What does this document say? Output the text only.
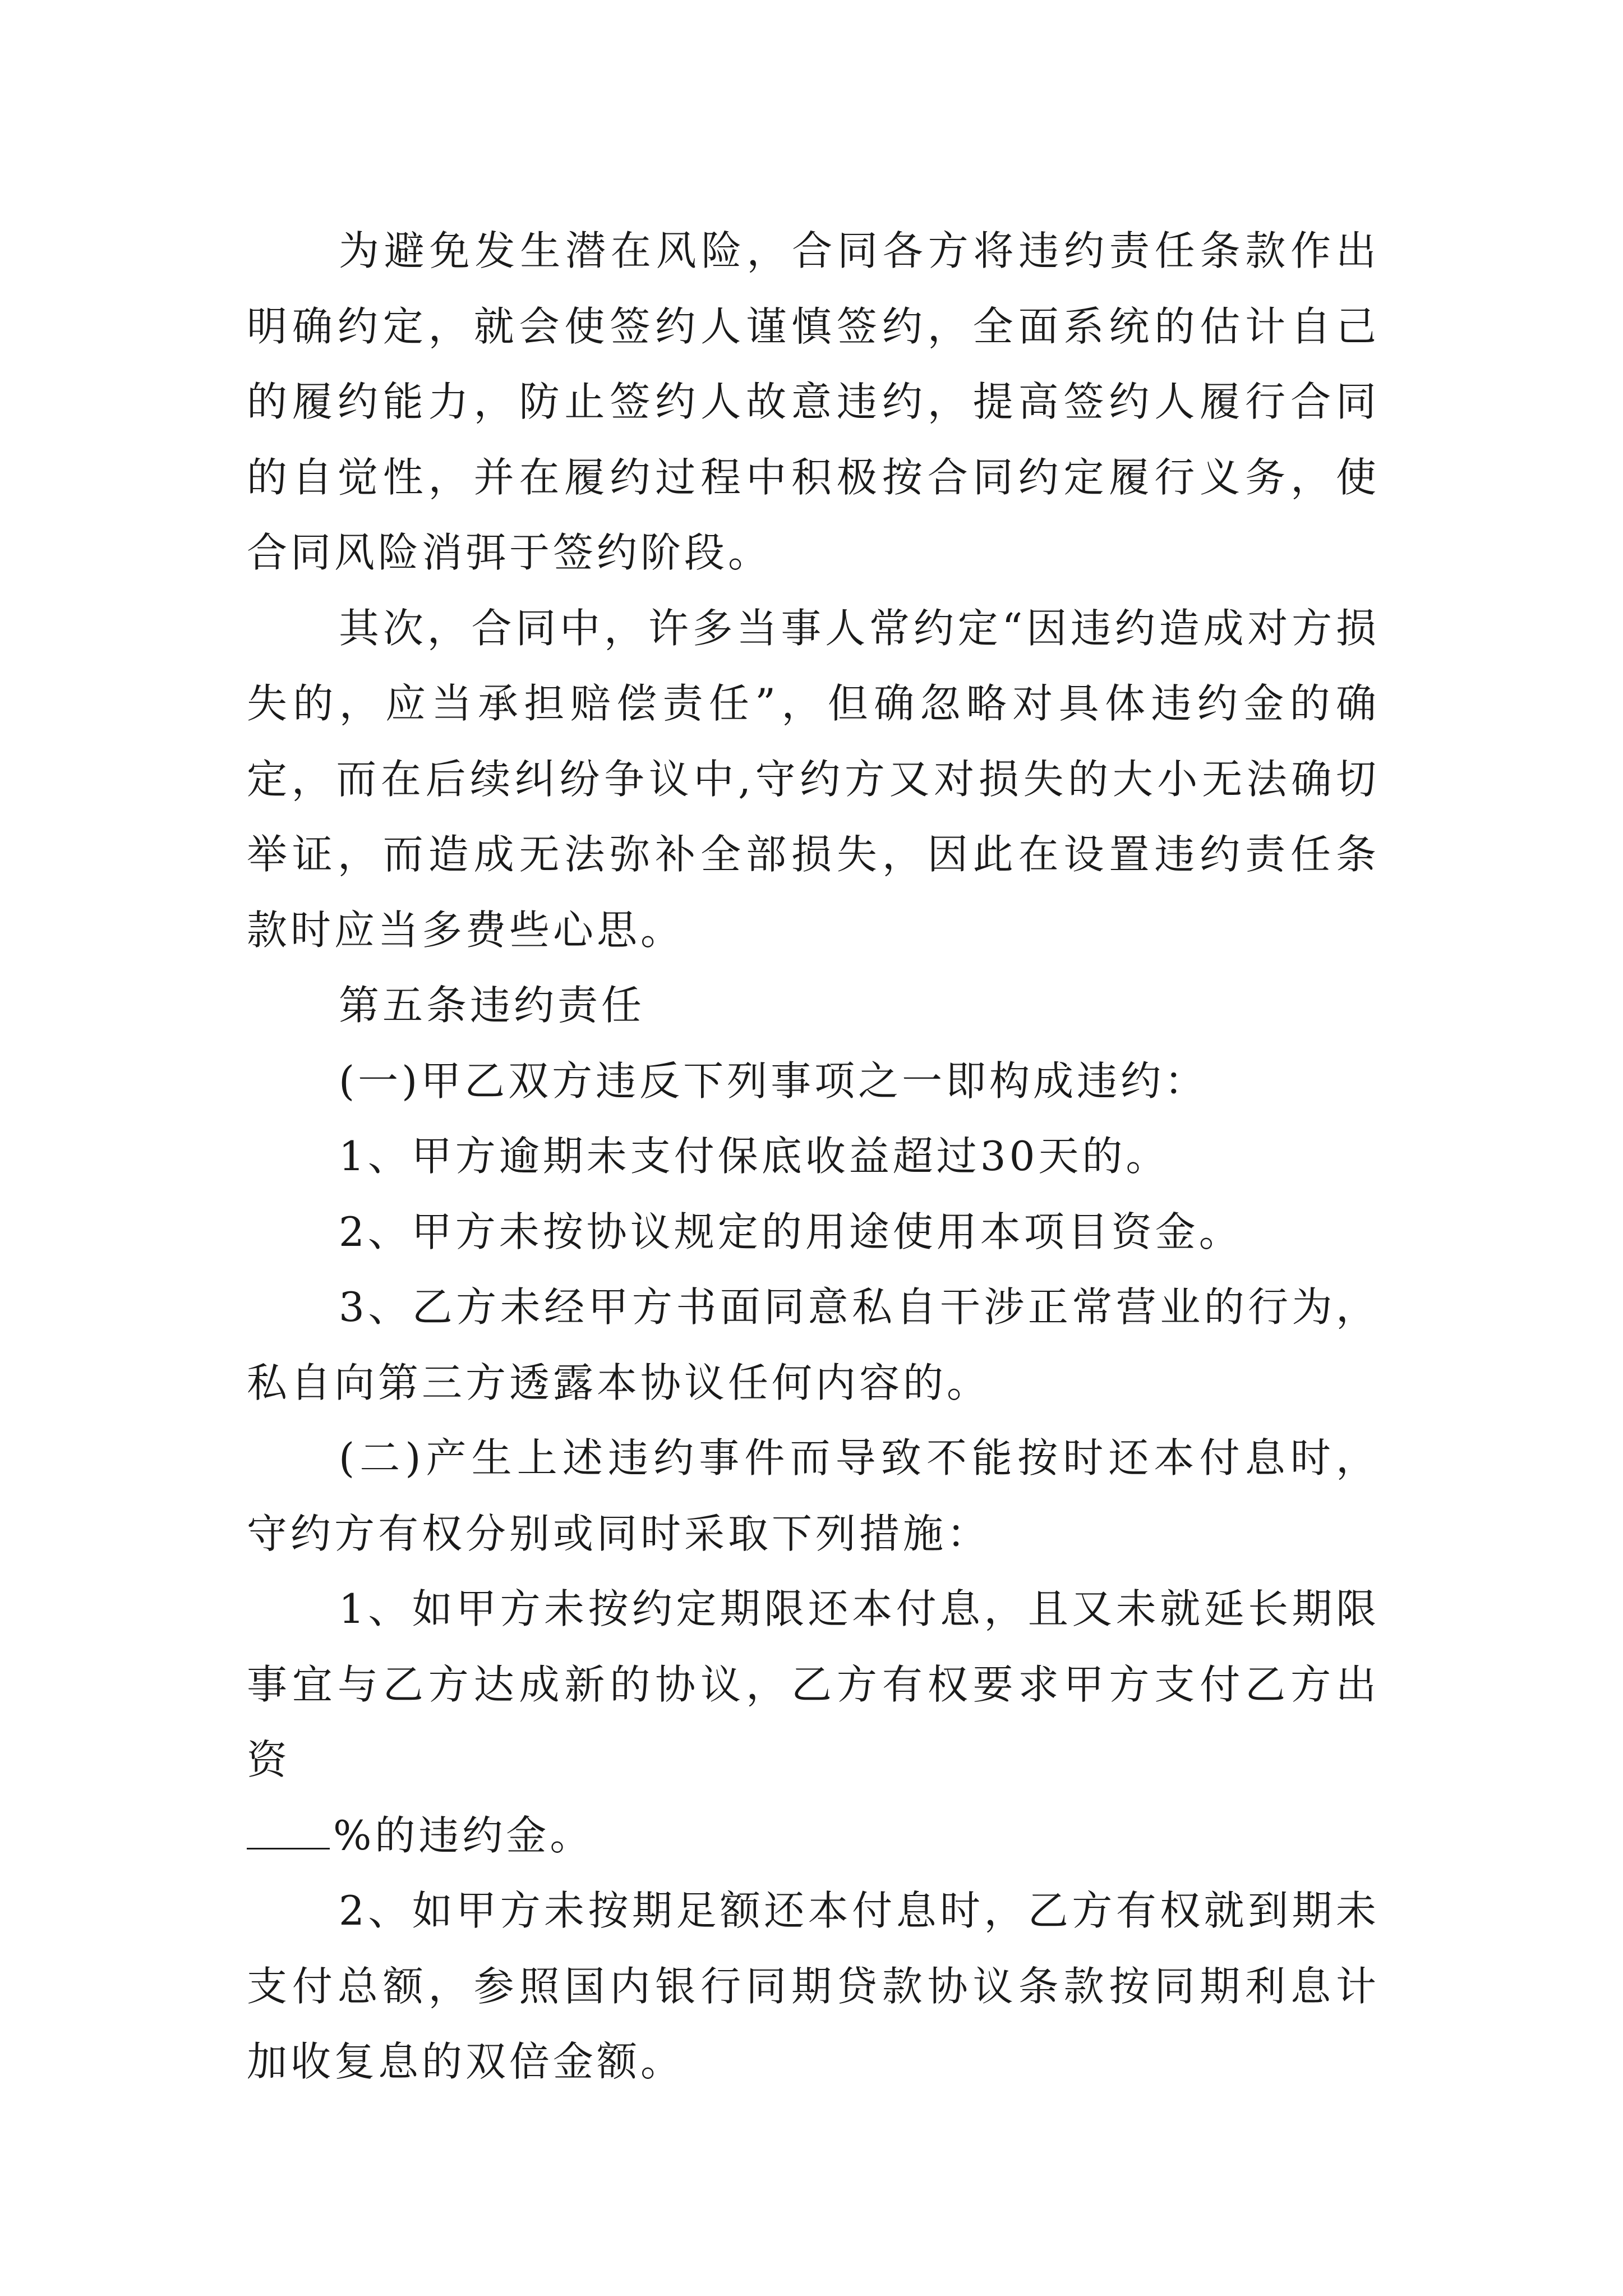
为避免发生潜在风险，合同各方将违约责任条款作出明确约定，就会使签约人谨慎签约，全面系统的估计自己的履约能力，防止签约人故意违约，提高签约人履行合同的自觉性，并在履约过程中积极按合同约定履行义务，使合同风险消弭于签约阶段。

其次，合同中，许多当事人常约定“因违约造成对方损失的，应当承担赔偿责任”，但确忽略对具体违约金的确定，而在后续纠纷争议中,守约方又对损失的大小无法确切举证，而造成无法弥补全部损失，因此在设置违约责任条款时应当多费些心思。

第五条违约责任

(一)甲乙双方违反下列事项之一即构成违约：

1、甲方逾期未支付保底收益超过30天的。

2、甲方未按协议规定的用途使用本项目资金。

3、乙方未经甲方书面同意私自干涉正常营业的行为，私自向第三方透露本协议任何内容的。

(二)产生上述违约事件而导致不能按时还本付息时，守约方有权分别或同时采取下列措施：

1、如甲方未按约定期限还本付息，且又未就延长期限事宜与乙方达成新的协议，乙方有权要求甲方支付乙方出资

%的违约金。

2、如甲方未按期足额还本付息时，乙方有权就到期未支付总额，参照国内银行同期贷款协议条款按同期利息计加收复息的双倍金额。
